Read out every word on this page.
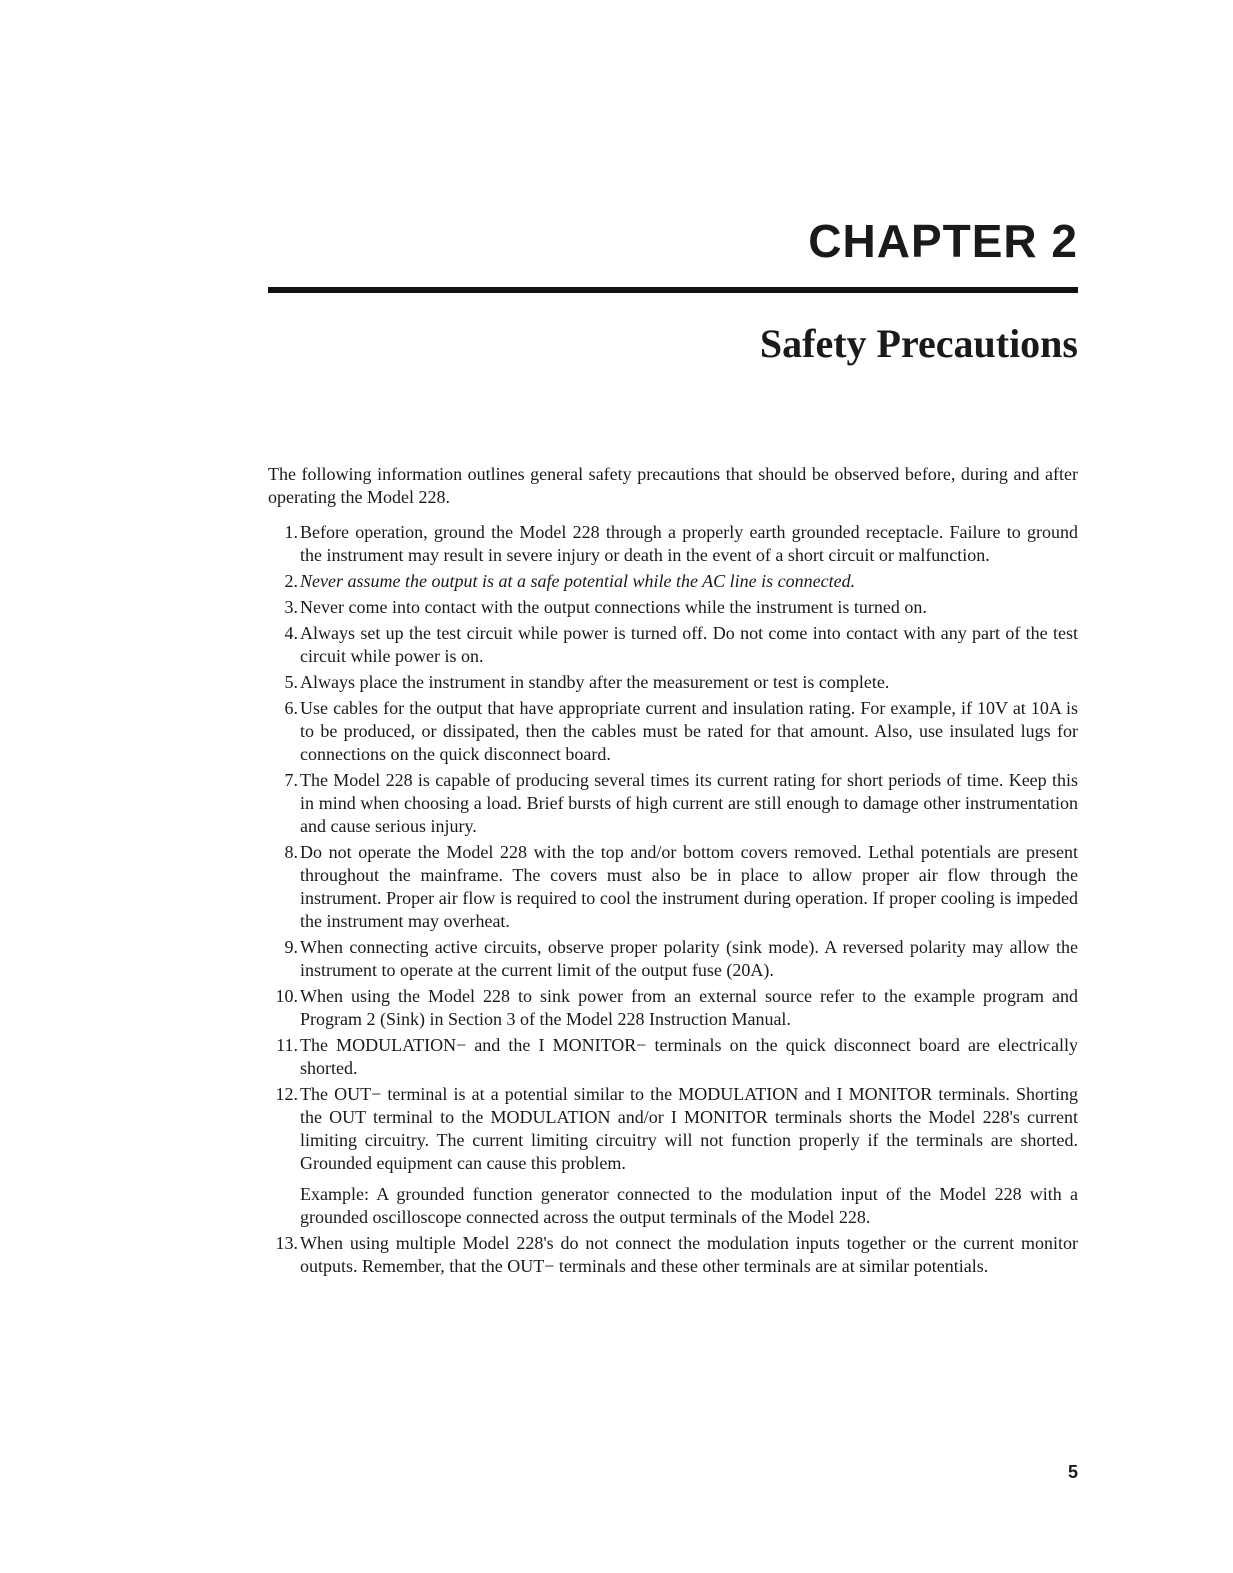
CHAPTER 2
Safety Precautions

The following information outlines general safety precautions that should be observed before, during and after operating the Model 228.

1. Before operation, ground the Model 228 through a properly earth grounded receptacle. Failure to ground the instrument may result in severe injury or death in the event of a short circuit or malfunction.
2. Never assume the output is at a safe potential while the AC line is connected.
3. Never come into contact with the output connections while the instrument is turned on.
4. Always set up the test circuit while power is turned off. Do not come into contact with any part of the test circuit while power is on.
5. Always place the instrument in standby after the measurement or test is complete.
6. Use cables for the output that have appropriate current and insulation rating. For example, if 10V at 10A is to be produced, or dissipated, then the cables must be rated for that amount. Also, use insulated lugs for connections on the quick disconnect board.
7. The Model 228 is capable of producing several times its current rating for short periods of time. Keep this in mind when choosing a load. Brief bursts of high current are still enough to damage other instrumentation and cause serious injury.
8. Do not operate the Model 228 with the top and/or bottom covers removed. Lethal potentials are present throughout the mainframe. The covers must also be in place to allow proper air flow through the instrument. Proper air flow is required to cool the instrument during operation. If proper cooling is impeded the instrument may overheat.
9. When connecting active circuits, observe proper polarity (sink mode). A reversed polarity may allow the instrument to operate at the current limit of the output fuse (20A).
10. When using the Model 228 to sink power from an external source refer to the example program and Program 2 (Sink) in Section 3 of the Model 228 Instruction Manual.
11. The MODULATION− and the I MONITOR− terminals on the quick disconnect board are electrically shorted.
12. The OUT− terminal is at a potential similar to the MODULATION and I MONITOR terminals. Shorting the OUT terminal to the MODULATION and/or I MONITOR terminals shorts the Model 228's current limiting circuitry. The current limiting circuitry will not function properly if the terminals are shorted. Grounded equipment can cause this problem.
Example: A grounded function generator connected to the modulation input of the Model 228 with a grounded oscilloscope connected across the output terminals of the Model 228.
13. When using multiple Model 228's do not connect the modulation inputs together or the current monitor outputs. Remember, that the OUT− terminals and these other terminals are at similar potentials.
5
